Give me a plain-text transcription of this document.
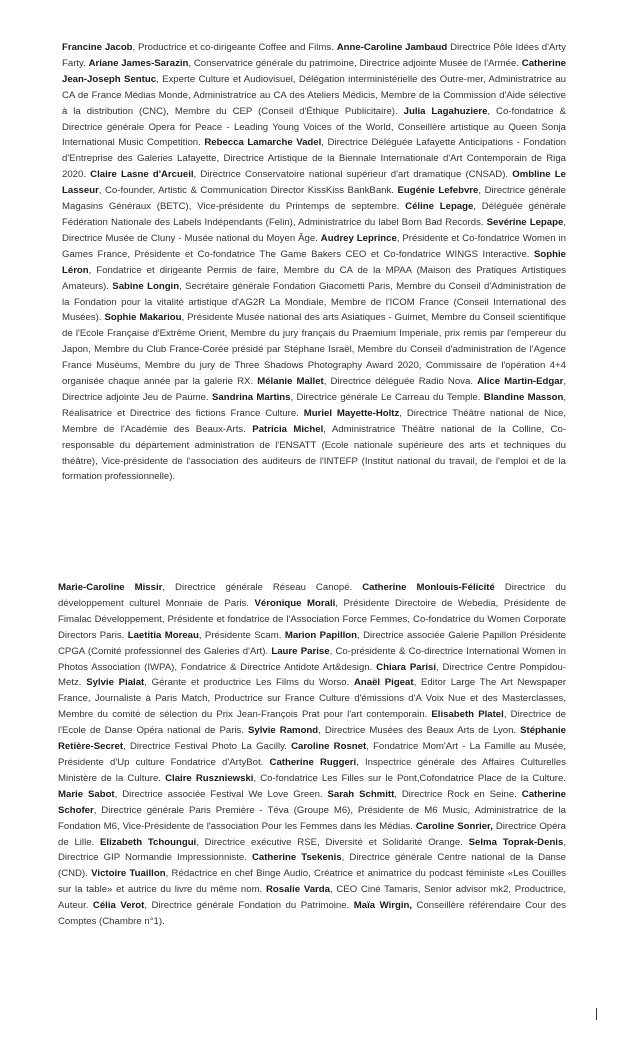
Francine Jacob, Productrice et co-dirigeante Coffee and Films. Anne-Caroline Jambaud Directrice Pôle Idées d'Arty Farty. Ariane James-Sarazin, Conservatrice générale du patrimoine, Directrice adjointe Musée de l'Armée. Catherine Jean-Joseph Sentuc, Experte Culture et Audiovisuel, Délégation interministérielle des Outre-mer, Administratrice au CA de France Médias Monde, Administratrice au CA des Ateliers Médicis, Membre de la Commission d'Aide sélective à la distribution (CNC), Membre du CEP (Conseil d'Éthique Publicitaire). Julia Lagahuziere, Co-fondatrice & Directrice générale Opera for Peace - Leading Young Voices of the World, Conseillère artistique au Queen Sonja International Music Competition. Rebecca Lamarche Vadel, Directrice Déléguée Lafayette Anticipations - Fondation d'Entreprise des Galeries Lafayette, Directrice Artistique de la Biennale Internationale d'Art Contemporain de Riga 2020. Claire Lasne d'Arcueil, Directrice Conservatoire national supérieur d'art dramatique (CNSAD). Ombline Le Lasseur, Co-founder, Artistic & Communication Director KissKiss BankBank. Eugénie Lefebvre, Directrice générale Magasins Généraux (BETC), Vice-présidente du Printemps de septembre. Céline Lepage, Déléguée générale Fédération Nationale des Labels Indépendants (Felin), Administratrice du label Born Bad Records. Sevérine Lepape, Directrice Musée de Cluny - Musée national du Moyen Âge. Audrey Leprince, Présidente et Co-fondatrice Women in Games France, Présidente et Co-fondatrice The Game Bakers CEO et Co-fondatrice WINGS Interactive. Sophie Léron, Fondatrice et dirigeante Permis de faire, Membre du CA de la MPAA (Maison des Pratiques Artistiques Amateurs). Sabine Longin, Secrétaire générale Fondation Giacometti Paris, Membre du Conseil d'Administration de la Fondation pour la vitalité artistique d'AG2R La Mondiale, Membre de l'ICOM France (Conseil International des Musées). Sophie Makariou, Présidente Musée national des arts Asiatiques - Guimet, Membre du Conseil scientifique de l'Ecole Française d'Extrême Orient, Membre du jury français du Praemium Imperiale, prix remis par l'empereur du Japon, Membre du Club France-Corée présidé par Stéphane Israël, Membre du Conseil d'administration de l'Agence France Muséums, Membre du jury de Three Shadows Photography Award 2020, Commissaire de l'opération 4+4 organisée chaque année par la galerie RX. Mélanie Mallet, Directrice déléguée Radio Nova. Alice Martin-Edgar, Directrice adjointe Jeu de Paume. Sandrina Martins, Directrice générale Le Carreau du Temple. Blandine Masson, Réalisatrice et Directrice des fictions France Culture. Muriel Mayette-Holtz, Directrice Théâtre national de Nice, Membre de l'Académie des Beaux-Arts. Patricia Michel, Administratrice Théâtre national de la Colline, Co-responsable du département administration de l'ENSATT (Ecole nationale supérieure des arts et techniques du théâtre), Vice-présidente de l'association des auditeurs de l'INTEFP (Institut national du travail, de l'emploi et de la formation professionnelle).

Marie-Caroline Missir, Directrice générale Réseau Canopé. Catherine Monlouis-Félicité Directrice du développement culturel Monnaie de Paris. Véronique Morali, Présidente Directoire de Webedia, Présidente de Fimalac Développement, Présidente et fondatrice de l'Association Force Femmes, Co-fondatrice du Women Corporate Directors Paris. Laetitia Moreau, Présidente Scam. Marion Papillon, Directrice associée Galerie Papillon Présidente CPGA (Comité professionnel des Galeries d'Art). Laure Parise, Co-présidente & Co-directrice International Women in Photos Association (IWPA), Fondatrice & Directrice Antidote Art&design. Chiara Parisi, Directrice Centre Pompidou-Metz. Sylvie Pialat, Gérante et productrice Les Films du Worso. Anaël Pigeat, Editor Large The Art Newspaper France, Journaliste à Paris Match, Productrice sur France Culture d'émissions d'A Voix Nue et des Masterclasses, Membre du comité de sélection du Prix Jean-François Prat pour l'art contemporain. Elisabeth Platel, Directrice de l'Ecole de Danse Opéra national de Paris. Sylvie Ramond, Directrice Musées des Beaux Arts de Lyon. Stéphanie Retière-Secret, Directrice Festival Photo La Gacilly. Caroline Rosnet, Fondatrice Mom'Art - La Famille au Musée, Présidente d'Up culture Fondatrice d'ArtyBot. Catherine Ruggeri, Inspectrice générale des Affaires Culturelles Ministère de la Culture. Claire Ruszniewski, Co-fondatrice Les Filles sur le Pont,Cofondatrice Place de la Culture. Marie Sabot, Directrice associée Festival We Love Green. Sarah Schmitt, Directrice Rock en Seine. Catherine Schofer, Directrice générale Paris Première - Téva (Groupe M6), Présidente de M6 Music, Administratrice de la Fondation M6, Vice-Présidente de l'association Pour les Femmes dans les Médias. Caroline Sonrier, Directrice Opéra de Lille. Elizabeth Tchoungui, Directrice exécutive RSE, Diversité et Solidarité Orange. Selma Toprak-Denis, Directrice GIP Normandie Impressionniste. Catherine Tsekenis, Directrice générale Centre national de la Danse (CND). Victoire Tuaillon, Rédactrice en chef Binge Audio, Créatrice et animatrice du podcast féministe «Les Couilles sur la table» et autrice du livre du même nom. Rosalie Varda, CEO Ciné Tamaris, Senior advisor mk2, Productrice, Auteur. Célia Verot, Directrice générale Fondation du Patrimoine. Maïa Wirgin, Conseillère référendaire Cour des Comptes (Chambre n°1).
